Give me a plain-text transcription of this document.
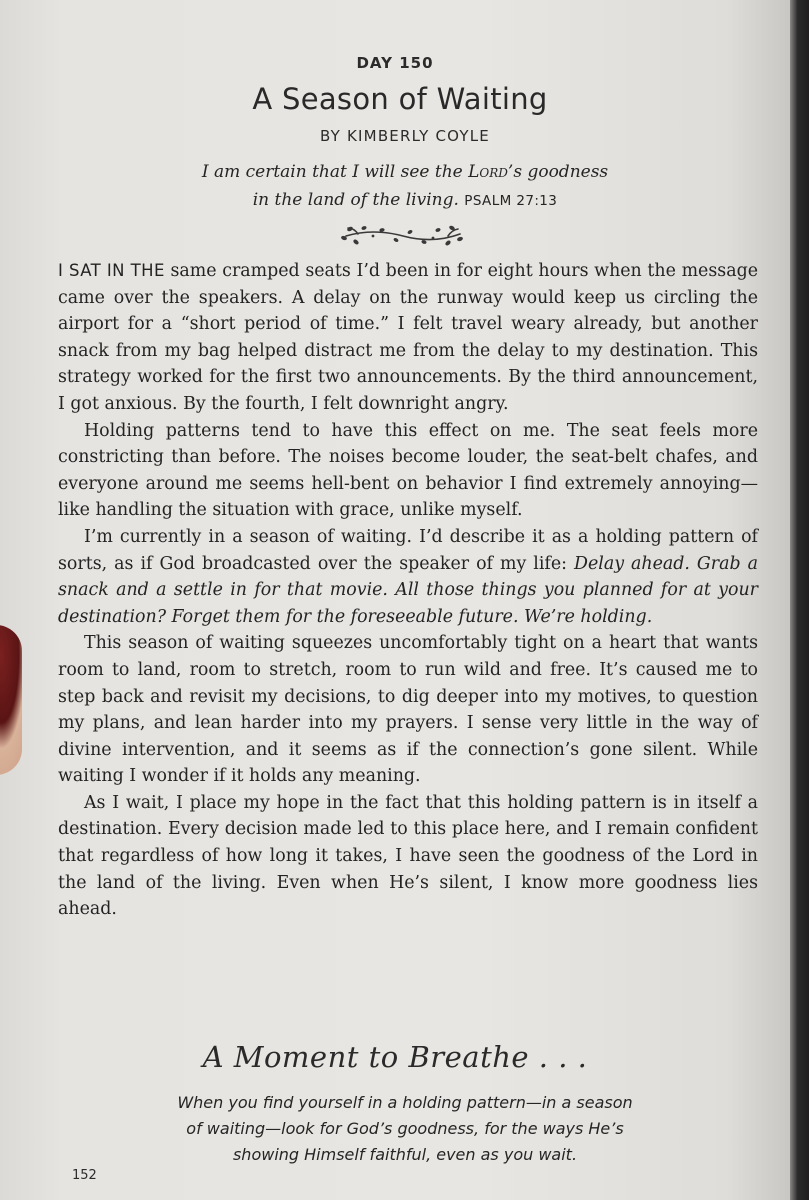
DAY 150
A Season of Waiting
BY KIMBERLY COYLE
I am certain that I will see the Lord’s goodness
in the land of the living. PSALM 27:13

I SAT IN THE same cramped seats I’d been in for eight hours when the message came over the speakers. A delay on the runway would keep us circling the airport for a “short period of time.” I felt travel weary already, but another snack from my bag helped distract me from the delay to my destination. This strategy worked for the first two announcements. By the third announcement, I got anxious. By the fourth, I felt downright angry.

Holding patterns tend to have this effect on me. The seat feels more constricting than before. The noises become louder, the seat-belt chafes, and everyone around me seems hell-bent on behavior I find extremely annoying—like handling the situation with grace, unlike myself.

I’m currently in a season of waiting. I’d describe it as a holding pattern of sorts, as if God broadcasted over the speaker of my life: Delay ahead. Grab a snack and a settle in for that movie. All those things you planned for at your destination? Forget them for the foreseeable future. We’re holding.

This season of waiting squeezes uncomfortably tight on a heart that wants room to land, room to stretch, room to run wild and free. It’s caused me to step back and revisit my decisions, to dig deeper into my motives, to question my plans, and lean harder into my prayers. I sense very little in the way of divine intervention, and it seems as if the connection’s gone silent. While waiting I wonder if it holds any meaning.

As I wait, I place my hope in the fact that this holding pattern is in itself a destination. Every decision made led to this place here, and I remain confident that regardless of how long it takes, I have seen the goodness of the Lord in the land of the living. Even when He’s silent, I know more goodness lies ahead.

A Moment to Breathe . . .
When you find yourself in a holding pattern—in a season
of waiting—look for God’s goodness, for the ways He’s
showing Himself faithful, even as you wait.
152
